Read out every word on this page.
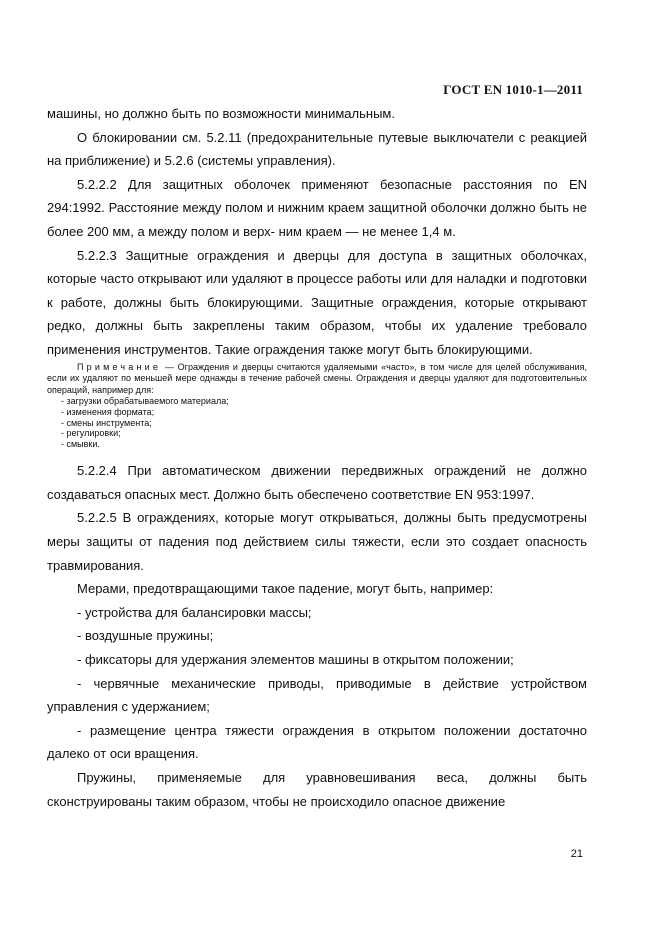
ГОСТ EN 1010-1—2011

машины, но должно быть по возможности минимальным.

О блокировании см. 5.2.11 (предохранительные путевые выключатели с реакцией на приближение) и 5.2.6 (системы управления).

5.2.2.2 Для защитных оболочек применяют безопасные расстояния по EN 294:1992. Расстояние между полом и нижним краем защитной оболочки должно быть не более 200 мм, а между полом и верх- ним краем — не менее 1,4 м.

5.2.2.3 Защитные ограждения и дверцы для доступа в защитных оболочках, которые часто открывают или удаляют в процессе работы или для наладки и подготовки к работе, должны быть блокирующими. Защитные ограждения, которые открывают редко, должны быть закреплены таким образом, чтобы их удаление требовало применения инструментов. Такие ограждения также могут быть блокирующими.

Примечание — Ограждения и дверцы считаются удаляемыми «часто», в том числе для целей обслуживания, если их удаляют по меньшей мере однажды в течение рабочей смены. Ограждения и дверцы удаляют для подготовительных операций, например для:

- загрузки обрабатываемого материала;
- изменения формата;
- смены инструмента;
- регулировки;
- смывки.

5.2.2.4 При автоматическом движении передвижных ограждений не должно создаваться опасных мест. Должно быть обеспечено соответствие EN 953:1997.

5.2.2.5 В ограждениях, которые могут открываться, должны быть предусмотрены меры защиты от падения под действием силы тяжести, если это создает опасность травмирования.

Мерами, предотвращающими такое падение, могут быть, например:

- устройства для балансировки массы;

- воздушные пружины;

- фиксаторы для удержания элементов машины в открытом положении;

- червячные механические приводы, приводимые в действие устройством управления с удержанием;

- размещение центра тяжести ограждения в открытом положении достаточно далеко от оси вращения.

Пружины, применяемые для уравновешивания веса, должны быть сконструированы таким образом, чтобы не происходило опасное движение

21
